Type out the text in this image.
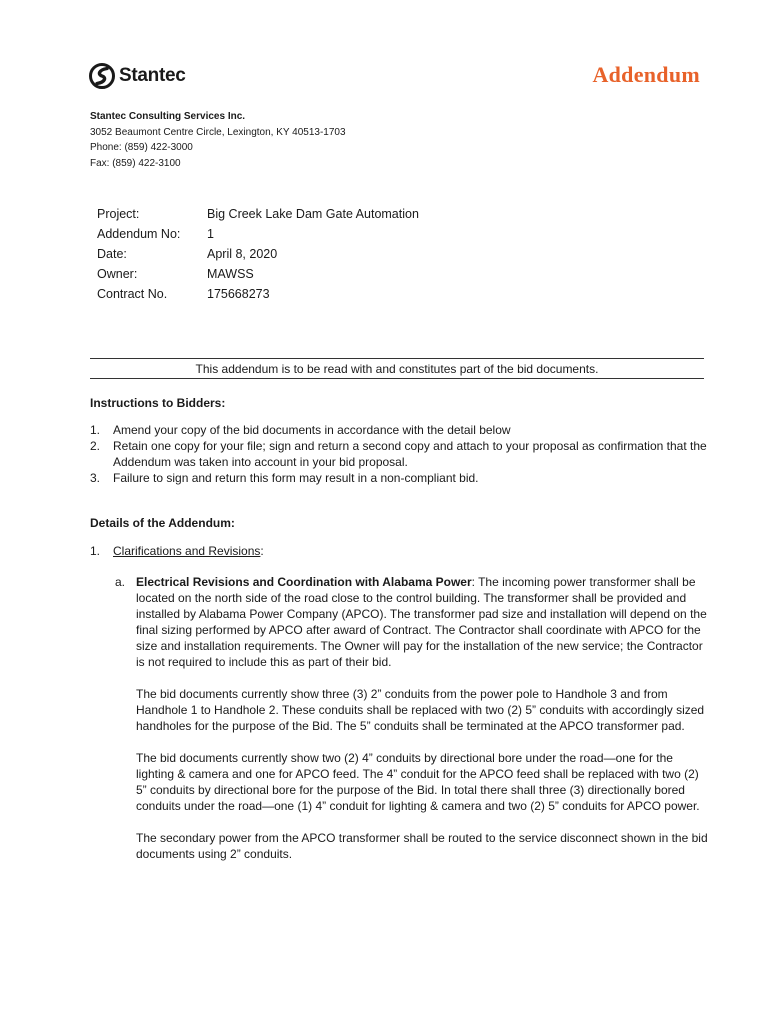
Stantec	Addendum
Stantec Consulting Services Inc.
3052 Beaumont Centre Circle, Lexington, KY 40513-1703
Phone: (859) 422-3000
Fax: (859) 422-3100
Project:	Big Creek Lake Dam Gate Automation
Addendum No:	1
Date:	April 8, 2020
Owner:	MAWSS
Contract No.	175668273
This addendum is to be read with and constitutes part of the bid documents.
Instructions to Bidders:
1. Amend your copy of the bid documents in accordance with the detail below
2. Retain one copy for your file; sign and return a second copy and attach to your proposal as confirmation that the Addendum was taken into account in your bid proposal.
3. Failure to sign and return this form may result in a non-compliant bid.
Details of the Addendum:
1. Clarifications and Revisions:
a. Electrical Revisions and Coordination with Alabama Power: The incoming power transformer shall be located on the north side of the road close to the control building. The transformer shall be provided and installed by Alabama Power Company (APCO). The transformer pad size and installation will depend on the final sizing performed by APCO after award of Contract. The Contractor shall coordinate with APCO for the size and installation requirements. The Owner will pay for the installation of the new service; the Contractor is not required to include this as part of their bid.

The bid documents currently show three (3) 2” conduits from the power pole to Handhole 3 and from Handhole 1 to Handhole 2. These conduits shall be replaced with two (2) 5” conduits with accordingly sized handholes for the purpose of the Bid. The 5” conduits shall be terminated at the APCO transformer pad.

The bid documents currently show two (2) 4” conduits by directional bore under the road—one for the lighting & camera and one for APCO feed. The 4” conduit for the APCO feed shall be replaced with two (2) 5” conduits by directional bore for the purpose of the Bid. In total there shall three (3) directionally bored conduits under the road—one (1) 4” conduit for lighting & camera and two (2) 5” conduits for APCO power.

The secondary power from the APCO transformer shall be routed to the service disconnect shown in the bid documents using 2” conduits.
